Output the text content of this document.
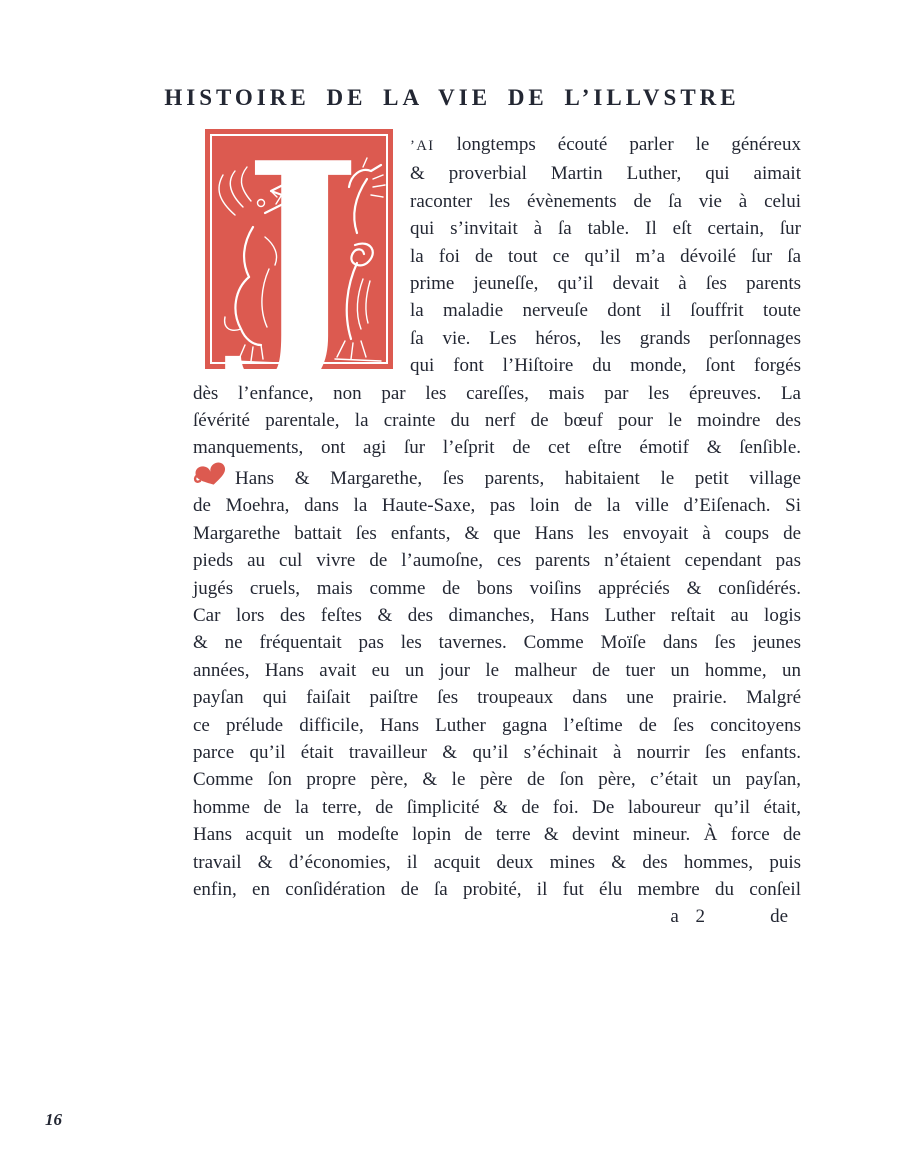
HISTOIRE DE LA VIE DE L’ILLVSTRE
J	’AI longtemps écouté parler le généreux
& proverbial Martin Luther, qui aimait
raconter les évènements de ſa vie à celui
qui s’invitait à ſa table. Il eſt certain, ſur
la foi de tout ce qu’il m’a dévoilé ſur ſa
prime jeuneſſe, qu’il devait à ſes parents
la maladie nerveuſe dont il ſouffrit toute
ſa vie. Les héros, les grands perſonnages
qui font l’Hiſtoire du monde, ſont forgés
dès l’enfance, non par les careſſes, mais par les épreuves. La
ſévérité parentale, la crainte du nerf de bœuf pour le moindre des
manquements, ont agi ſur l’eſprit de cet eſtre émotif & ſenſible.
Hans & Margarethe, ſes parents, habitaient le petit village
de Moehra, dans la Haute-Saxe, pas loin de la ville d’Eiſenach. Si
Margarethe battait ſes enfants, & que Hans les envoyait à coups de
pieds au cul vivre de l’aumoſne, ces parents n’étaient cependant pas
jugés cruels, mais comme de bons voiſins appréciés & conſidérés.
Car lors des feſtes & des dimanches, Hans Luther reſtait au logis
& ne fréquentait pas les tavernes. Comme Moïſe dans ſes jeunes
années, Hans avait eu un jour le malheur de tuer un homme, un
payſan qui faiſait paiſtre ſes troupeaux dans une prairie. Malgré
ce prélude difficile, Hans Luther gagna l’eſtime de ſes concitoyens
parce qu’il était travailleur & qu’il s’échinait à nourrir ſes enfants.
Comme ſon propre père, & le père de ſon père, c’était un payſan,
homme de la terre, de ſimplicité & de foi. De laboureur qu’il était,
Hans acquit un modeſte lopin de terre & devint mineur. À force de
travail & d’économies, il acquit deux mines & des hommes, puis
enfin, en conſidération de ſa probité, il fut élu membre du conſeil
a 2	de
16
